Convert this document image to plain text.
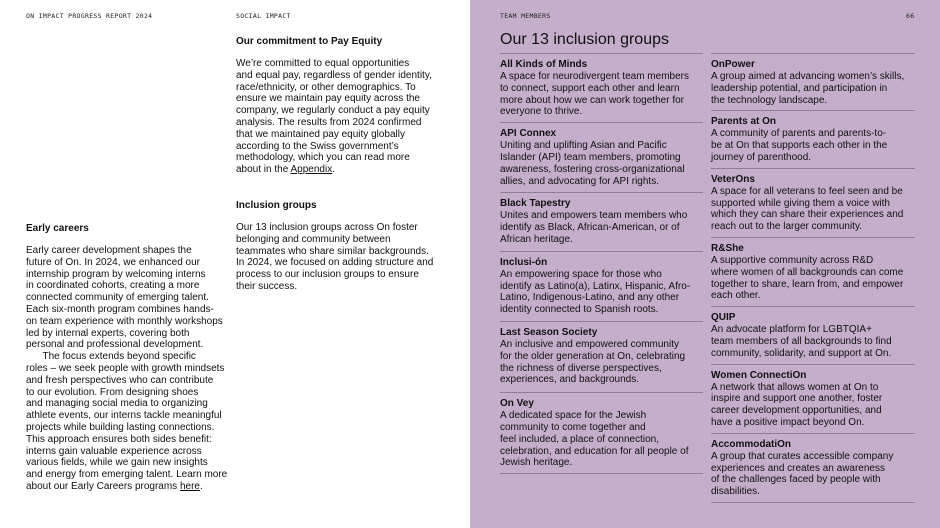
ON IMPACT PROGRESS REPORT 2024	SOCIAL IMPACT
Our commitment to Pay Equity
We’re committed to equal opportunities
and equal pay, regardless of gender identity,
race/ethnicity, or other demographics. To
ensure we maintain pay equity across the
company, we regularly conduct a pay equity
analysis. The results from 2024 confirmed
that we maintained pay equity globally
according to the Swiss government’s
methodology, which you can read more
about in the Appendix.
Inclusion groups
Our 13 inclusion groups across On foster
belonging and community between
teammates who share similar backgrounds.
In 2024, we focused on adding structure and
process to our inclusion groups to ensure
their success.
Early careers
Early career development shapes the
future of On. In 2024, we enhanced our
internship program by welcoming interns
in coordinated cohorts, creating a more
connected community of emerging talent.
Each six-month program combines hands-
on team experience with monthly workshops
led by internal experts, covering both
personal and professional development.
The focus extends beyond specific
roles – we seek people with growth mindsets
and fresh perspectives who can contribute
to our evolution. From designing shoes
and managing social media to organizing
athlete events, our interns tackle meaningful
projects while building lasting connections.
This approach ensures both sides benefit:
interns gain valuable experience across
various fields, while we gain new insights
and energy from emerging talent. Learn more
about our Early Careers programs here.
TEAM MEMBERS	66
Our 13 inclusion groups
All Kinds of Minds
A space for neurodivergent team members
to connect, support each other and learn
more about how we can work together for
everyone to thrive.
API Connex
Uniting and uplifting Asian and Pacific
Islander (API) team members, promoting
awareness, fostering cross-organizational
allies, and advocating for API rights.
Black Tapestry
Unites and empowers team members who
identify as Black, African-American, or of
African heritage.
Inclusi-ón
An empowering space for those who
identify as Latino(a), Latinx, Hispanic, Afro-
Latino, Indigenous-Latino, and any other
identity connected to Spanish roots.
Last Season Society
An inclusive and empowered community
for the older generation at On, celebrating
the richness of diverse perspectives,
experiences, and backgrounds.
On Vey
A dedicated space for the Jewish
community to come together and
feel included, a place of connection,
celebration, and education for all people of
Jewish heritage.
OnPower
A group aimed at advancing women’s skills,
leadership potential, and participation in
the technology landscape.
Parents at On
A community of parents and parents-to-
be at On that supports each other in the
journey of parenthood.
VeterOns
A space for all veterans to feel seen and be
supported while giving them a voice with
which they can share their experiences and
reach out to the larger community.
R&She
A supportive community across R&D
where women of all backgrounds can come
together to share, learn from, and empower
each other.
QUIP
An advocate platform for LGBTQIA+
team members of all backgrounds to find
community, solidarity, and support at On.
Women ConnectiOn
A network that allows women at On to
inspire and support one another, foster
career development opportunities, and
have a positive impact beyond On.
AccommodatiOn
A group that curates accessible company
experiences and creates an awareness
of the challenges faced by people with
disabilities.
